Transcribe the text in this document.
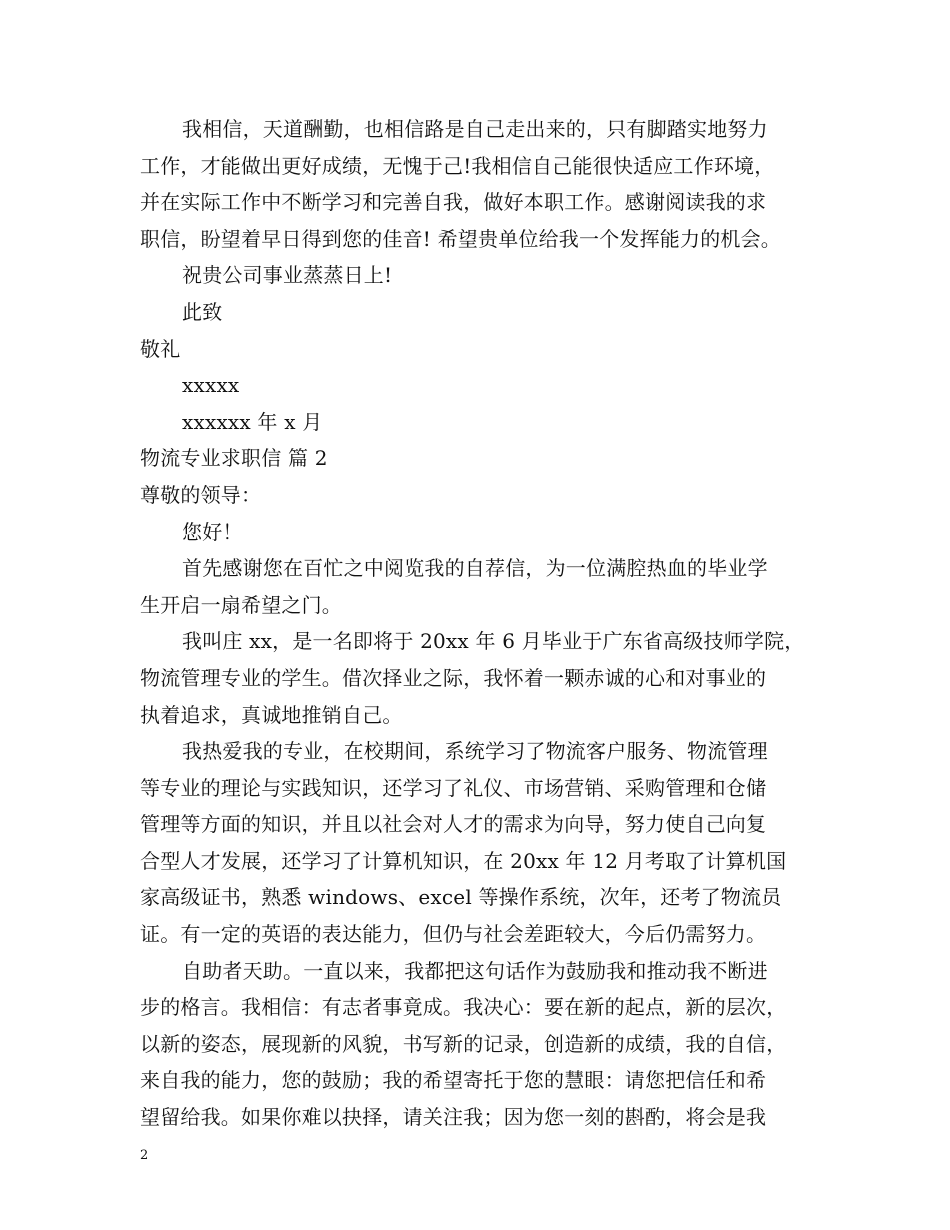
我相信，天道酬勤，也相信路是自己走出来的，只有脚踏实地努力
工作，才能做出更好成绩，无愧于己!我相信自己能很快适应工作环境，
并在实际工作中不断学习和完善自我，做好本职工作。感谢阅读我的求
职信，盼望着早日得到您的佳音! 希望贵单位给我一个发挥能力的机会。
祝贵公司事业蒸蒸日上!
此致
敬礼
xxxxx
xxxxxx 年 x 月
物流专业求职信 篇 2
尊敬的领导：
您好！
首先感谢您在百忙之中阅览我的自荐信，为一位满腔热血的毕业学
生开启一扇希望之门。
我叫庄 xx，是一名即将于 20xx 年 6 月毕业于广东省高级技师学院，
物流管理专业的学生。借次择业之际，我怀着一颗赤诚的心和对事业的
执着追求，真诚地推销自己。
我热爱我的专业，在校期间，系统学习了物流客户服务、物流管理
等专业的理论与实践知识，还学习了礼仪、市场营销、采购管理和仓储
管理等方面的知识，并且以社会对人才的需求为向导，努力使自己向复
合型人才发展，还学习了计算机知识，在 20xx 年 12 月考取了计算机国
家高级证书，熟悉 windows、excel 等操作系统，次年，还考了物流员
证。有一定的英语的表达能力，但仍与社会差距较大，今后仍需努力。
自助者天助。一直以来，我都把这句话作为鼓励我和推动我不断进
步的格言。我相信：有志者事竟成。我决心：要在新的起点，新的层次，
以新的姿态，展现新的风貌，书写新的记录，创造新的成绩，我的自信，
来自我的能力，您的鼓励；我的希望寄托于您的慧眼：请您把信任和希
望留给我。如果你难以抉择，请关注我；因为您一刻的斟酌，将会是我
2
